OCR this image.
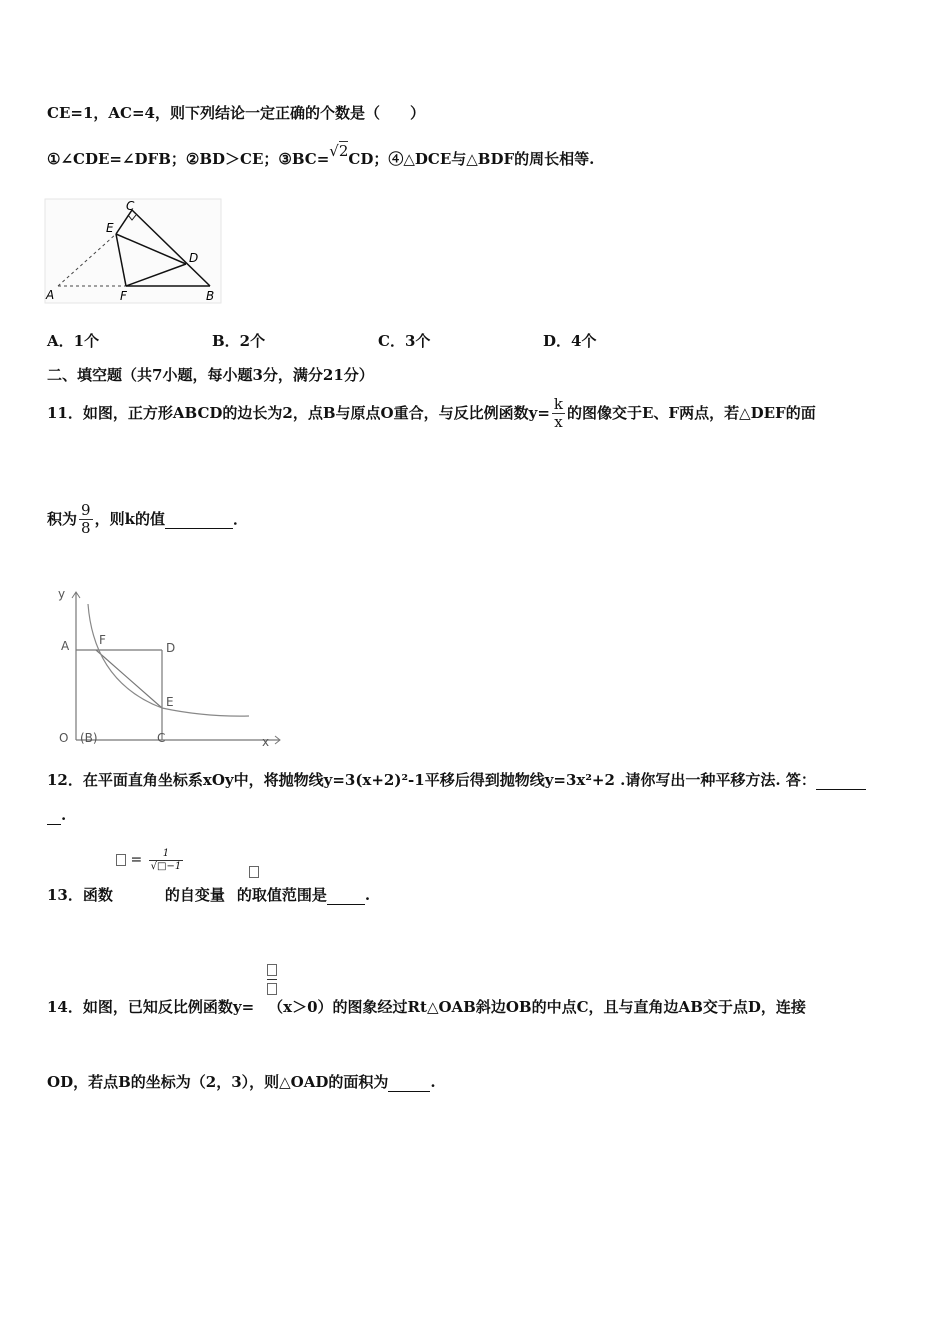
CE=1，AC=4，则下列结论一定正确的个数是（　　）
①∠CDE=∠DFB；②BD＞CE；③BC=√2CD；④△DCE与△BDF的周长相等.
C
E
D
A	F	B
A．1个	B．2个	C．3个	D．4个
二、填空题（共7小题，每小题3分，满分21分）
11．如图，正方形ABCD的边长为2，点B与原点O重合，与反比例函数$y= \frac{k}{x}$ 的图像交于E、F两点，若△DEF的面
积为 $\frac{9}{8}$ ，则k的值	．
y
A F
D
E
O (B)	C	x
12．在平面直角坐标系xOy中，将抛物线y=3(x+2)²-1平移后得到抛物线y=3x²+2 .请你写出一种平移方法. 答：
.
= $\frac{1}{√□-1}$
13．函数	的自变量 的取值范围是	.
14．如图，已知反比例函数y= （x＞0）的图象经过Rt△OAB斜边OB的中点C，且与直角边AB交于点D，连接
OD，若点B的坐标为（2，3），则△OAD的面积为	.
